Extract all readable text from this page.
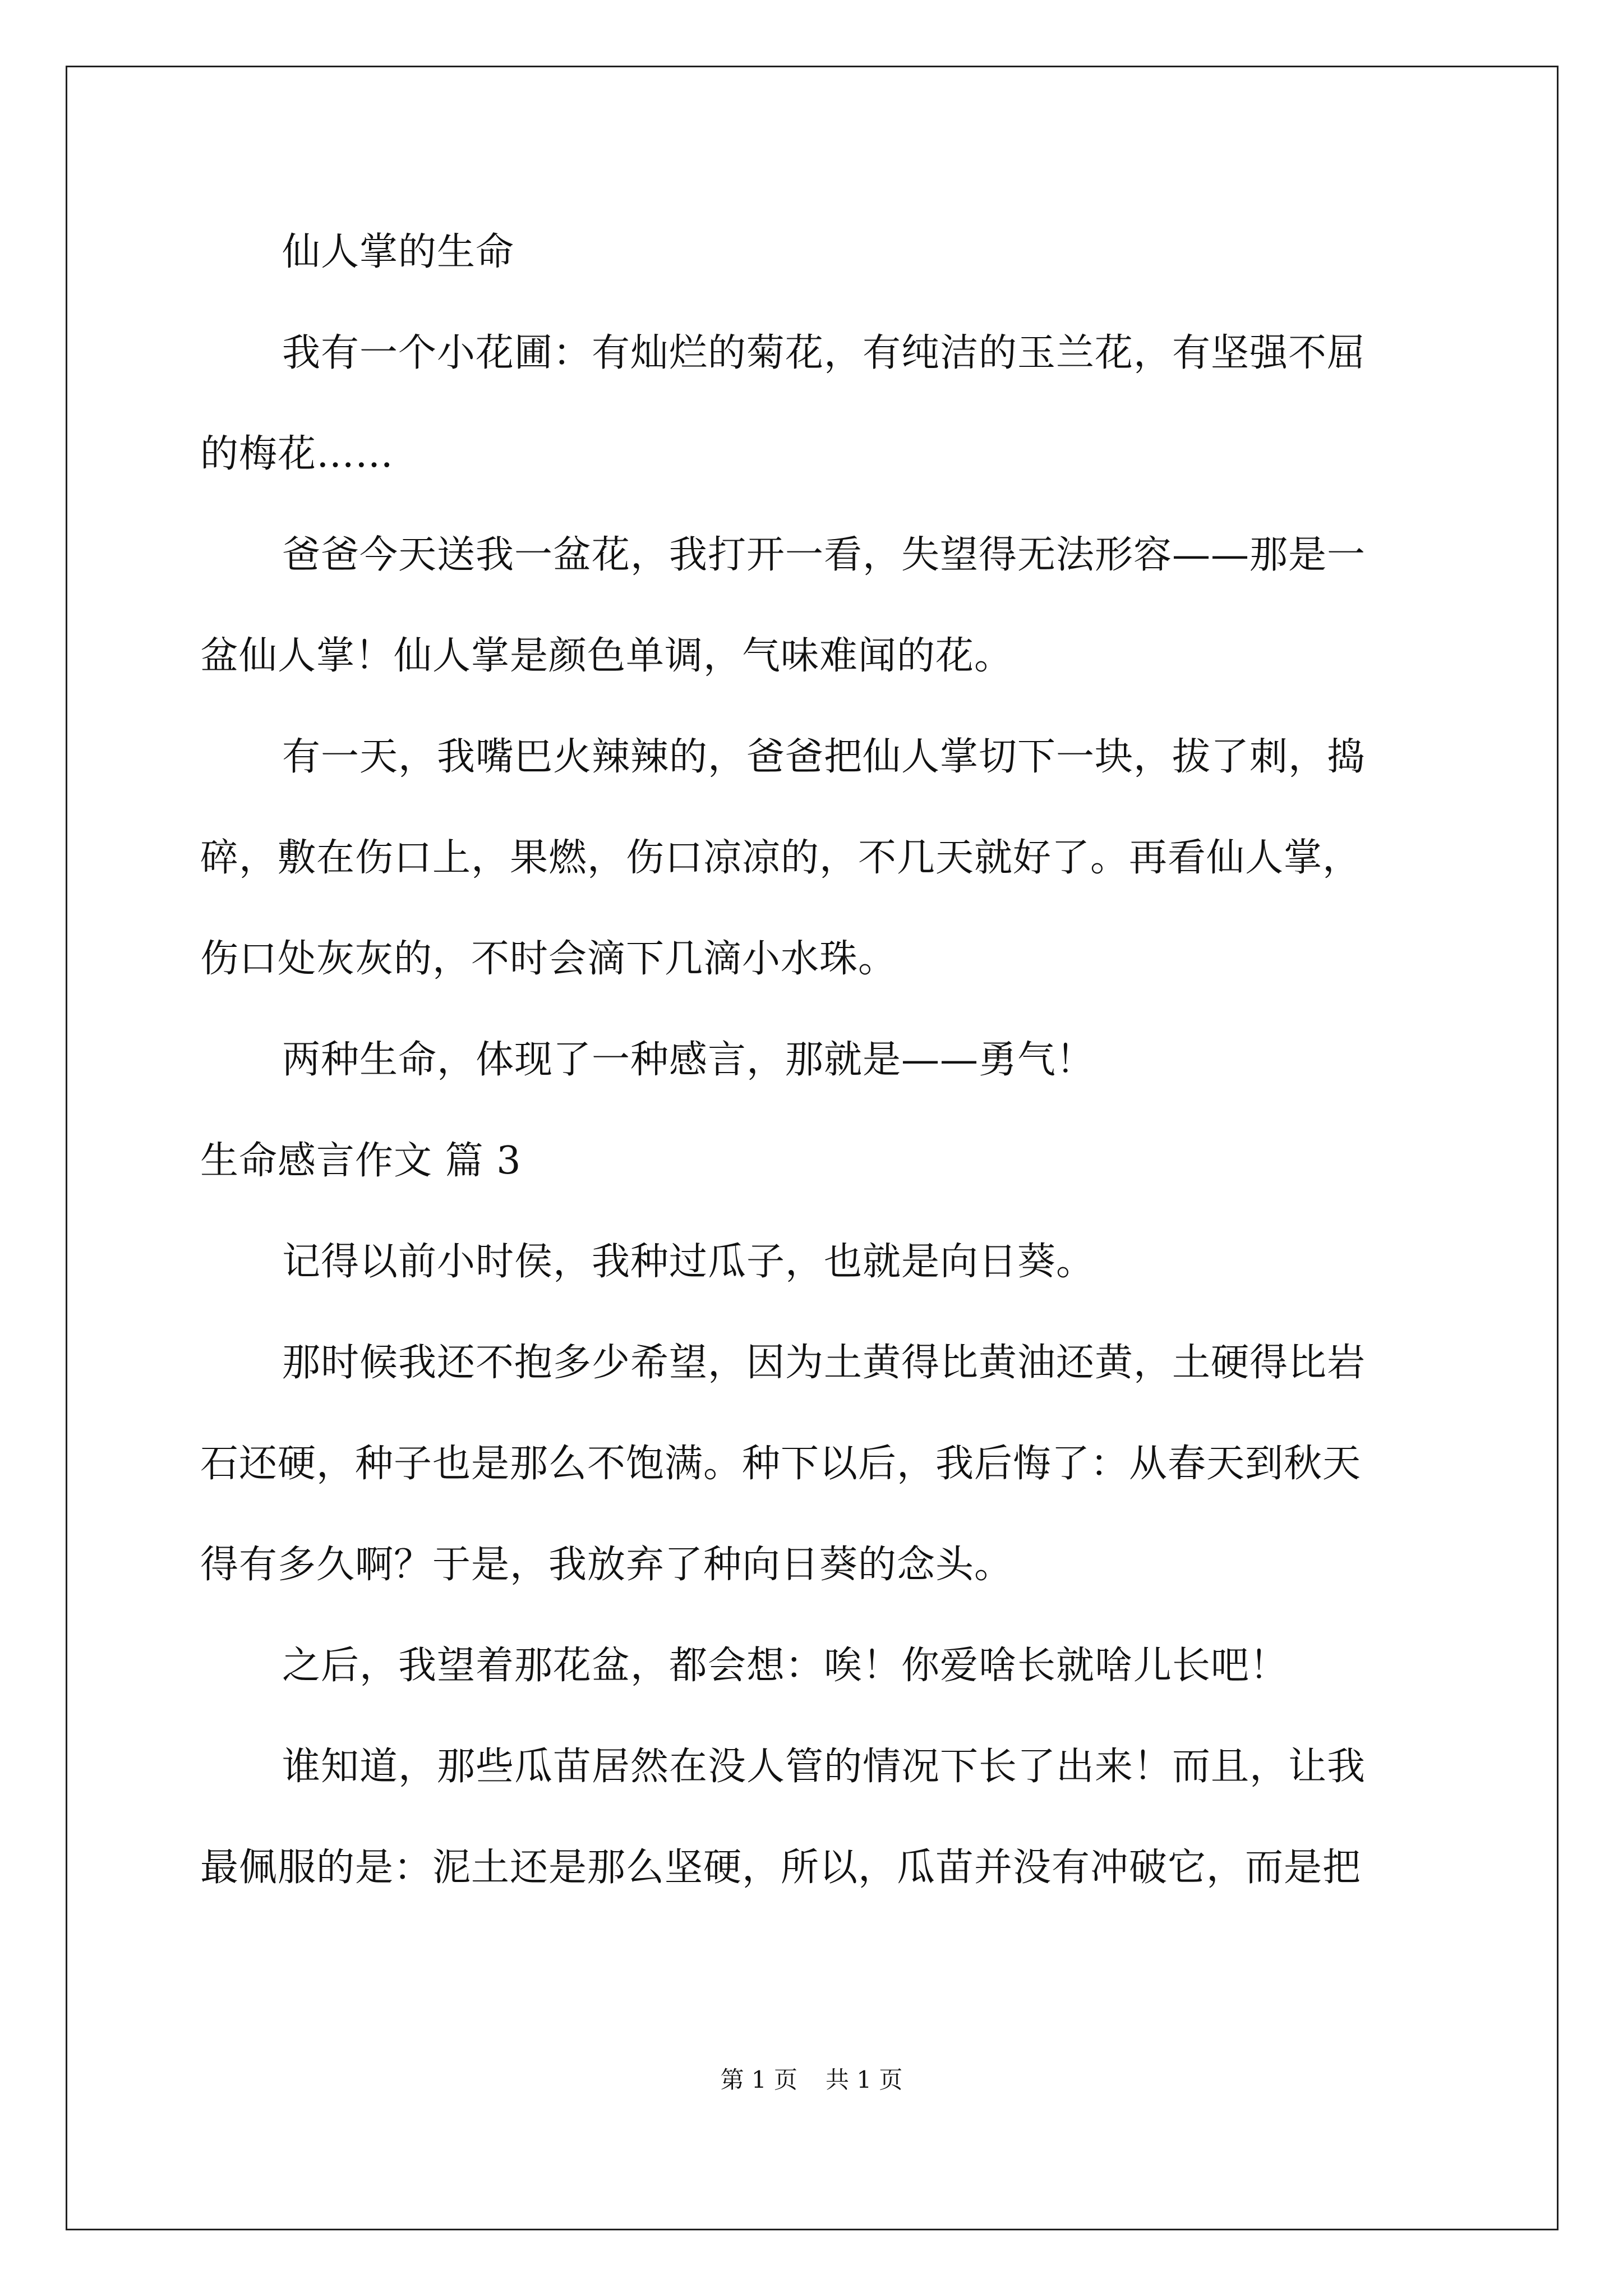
仙人掌的生命
我有一个小花圃：有灿烂的菊花，有纯洁的玉兰花，有坚强不屈
的梅花……
爸爸今天送我一盆花，我打开一看，失望得无法形容——那是一
盆仙人掌！仙人掌是颜色单调，气味难闻的花。
有一天，我嘴巴火辣辣的，爸爸把仙人掌切下一块，拔了刺，捣
碎，敷在伤口上，果燃，伤口凉凉的，不几天就好了。再看仙人掌，
伤口处灰灰的，不时会滴下几滴小水珠。
两种生命，体现了一种感言，那就是——勇气！
生命感言作文 篇 3
记得以前小时侯，我种过瓜子，也就是向日葵。
那时候我还不抱多少希望，因为土黄得比黄油还黄，土硬得比岩
石还硬，种子也是那么不饱满。种下以后，我后悔了：从春天到秋天
得有多久啊？于是，我放弃了种向日葵的念头。
之后，我望着那花盆，都会想：唉！你爱啥长就啥儿长吧！
谁知道，那些瓜苗居然在没人管的情况下长了出来！而且，让我
最佩服的是：泥土还是那么坚硬，所以，瓜苗并没有冲破它，而是把
第 1 页 共 1 页
